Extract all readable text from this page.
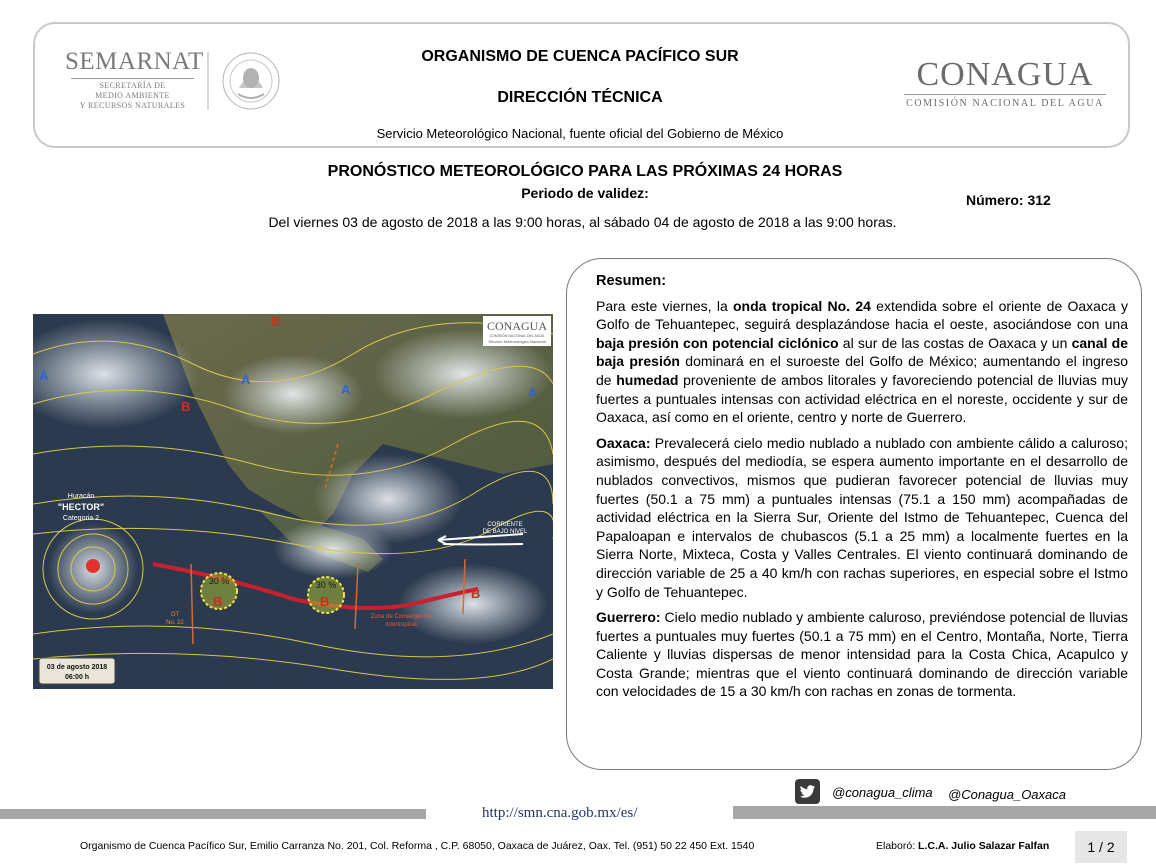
SEMARNAT
SECRETARÍA DE
MEDIO AMBIENTE
Y RECURSOS NATURALES
ORGANISMO DE CUENCA PACÍFICO SUR
DIRECCIÓN TÉCNICA
Servicio Meteorológico Nacional, fuente oficial del Gobierno de México
CONAGUA
COMISIÓN NACIONAL DEL AGUA
PRONÓSTICO METEOROLÓGICO PARA LAS PRÓXIMAS 24 HORAS
Periodo de validez:
Del viernes 03 de agosto de 2018 a las 9:00 horas, al sábado 04 de agosto de 2018 a las 9:00 horas.
Número: 312
30 %	30 %
B
B
B	B
B
A	A
A	A
CONAGUA
COMISIÓN NACIONAL DEL AGUA
Servicio Meteorológico Nacional
Huracán
"HECTOR"
Categoria 2
Zona de Convergencia
Intertropical
CORRIENTE
DE BAJO NIVEL
OT
No. 22
03 de agosto 2018
06:00 h
Resumen:

Para este viernes, la onda tropical No. 24 extendida sobre el oriente de Oaxaca y Golfo de Tehuantepec, seguirá desplazándose hacia el oeste, asociándose con una baja presión con potencial ciclónico al sur de las costas de Oaxaca y un canal de baja presión dominará en el suroeste del Golfo de México; aumentando el ingreso de humedad proveniente de ambos litorales y favoreciendo potencial de lluvias muy fuertes a puntuales intensas con actividad eléctrica en el noreste, occidente y sur de Oaxaca, así como en el oriente, centro y norte de Guerrero.

Oaxaca: Prevalecerá cielo medio nublado a nublado con ambiente cálido a caluroso; asimismo, después del mediodía, se espera aumento importante en el desarrollo de nublados convectivos, mismos que pudieran favorecer potencial de lluvias muy fuertes (50.1 a 75 mm) a puntuales intensas (75.1 a 150 mm) acompañadas de actividad eléctrica en la Sierra Sur, Oriente del Istmo de Tehuantepec, Cuenca del Papaloapan e intervalos de chubascos (5.1 a 25 mm) a localmente fuertes en la Sierra Norte, Mixteca, Costa y Valles Centrales. El viento continuará dominando de dirección variable de 25 a 40 km/h con rachas superiores, en especial sobre el Istmo y Golfo de Tehuantepec.

Guerrero: Cielo medio nublado y ambiente caluroso, previéndose potencial de lluvias fuertes a puntuales muy fuertes (50.1 a 75 mm) en el Centro, Montaña, Norte, Tierra Caliente y lluvias dispersas de menor intensidad para la Costa Chica, Acapulco y Costa Grande; mientras que el viento continuará dominando de dirección variable con velocidades de 15 a 30 km/h con rachas en zonas de tormenta.

@conagua_clima @Conagua_Oaxaca
http://smn.cna.gob.mx/es/
Organismo de Cuenca Pacífico Sur, Emilio Carranza No. 201, Col. Reforma , C.P. 68050, Oaxaca de Juárez, Oax. Tel. (951) 50 22 450 Ext. 1540	Elaboró: L.C.A. Julio Salazar Falfan	1 / 2
